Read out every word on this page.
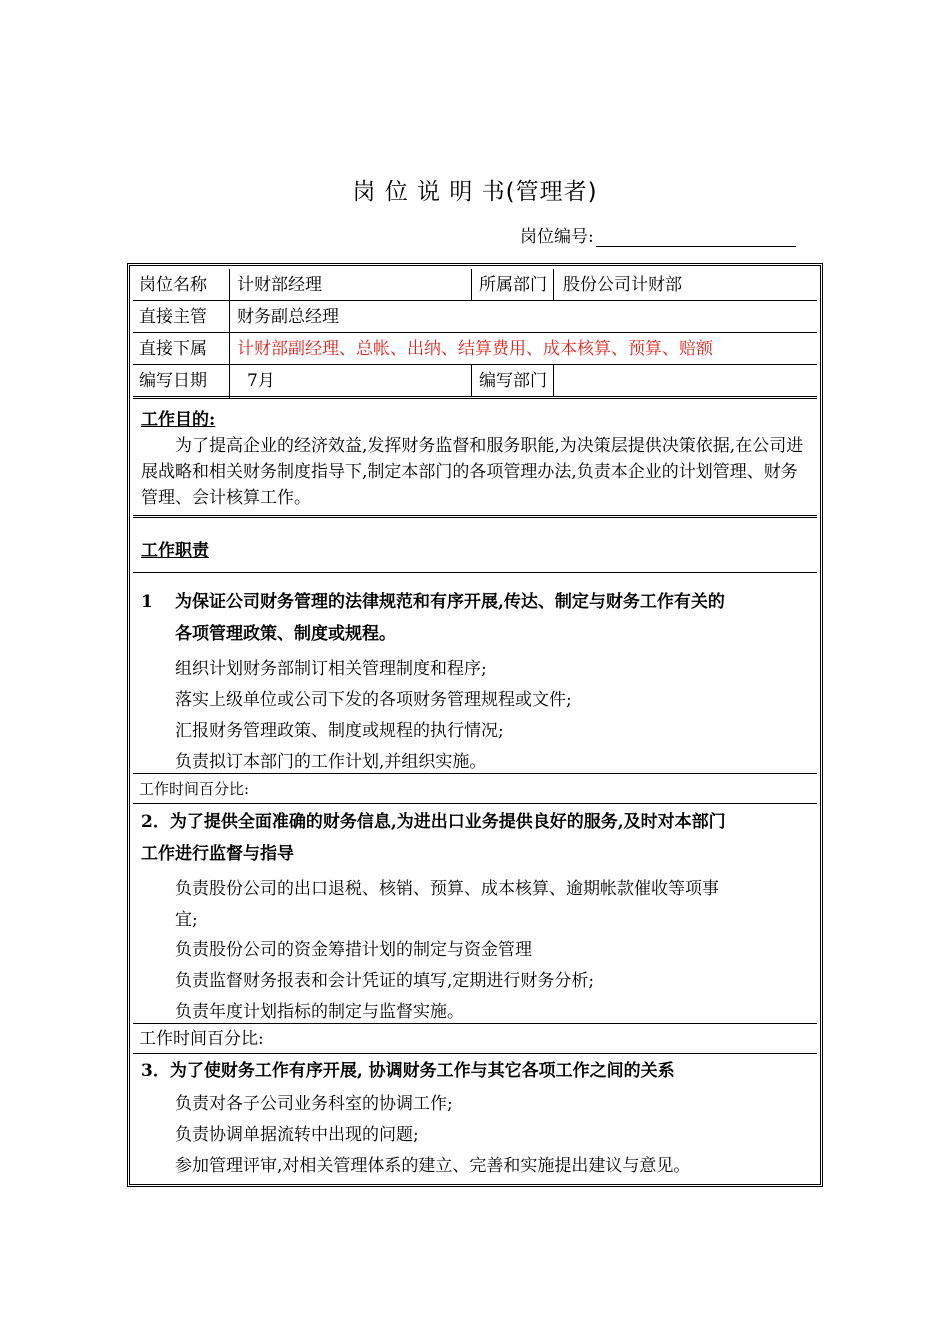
岗 位 说 明 书(管理者)
岗位编号:
岗位名称 计财部经理	所属部门 股份公司计财部
直接主管 财务副总经理
直接下属 计财部副经理、总帐、出纳、结算费用、成本核算、预算、赔额
编写日期 7月	编写部门
工作目的:
为了提高企业的经济效益,发挥财务监督和服务职能,为决策层提供决策依据,在公司进展战略和相关财务制度指导下,制定本部门的各项管理办法,负责本企业的计划管理、财务管理、会计核算工作。
工作职责
1 为保证公司财务管理的法律规范和有序开展,传达、制定与财务工作有关的
各项管理政策、制度或规程。
组织计划财务部制订相关管理制度和程序;
落实上级单位或公司下发的各项财务管理规程或文件;
汇报财务管理政策、制度或规程的执行情况;
负责拟订本部门的工作计划,并组织实施。
工作时间百分比:
2．为了提供全面准确的财务信息,为进出口业务提供良好的服务,及时对本部门
工作进行监督与指导
负责股份公司的出口退税、核销、预算、成本核算、逾期帐款催收等项事
宜;
负责股份公司的资金筹措计划的制定与资金管理
负责监督财务报表和会计凭证的填写,定期进行财务分析;
负责年度计划指标的制定与监督实施。
工作时间百分比:
3．为了使财务工作有序开展, 协调财务工作与其它各项工作之间的关系
负责对各子公司业务科室的协调工作;
负责协调单据流转中出现的问题;
参加管理评审,对相关管理体系的建立、完善和实施提出建议与意见。
